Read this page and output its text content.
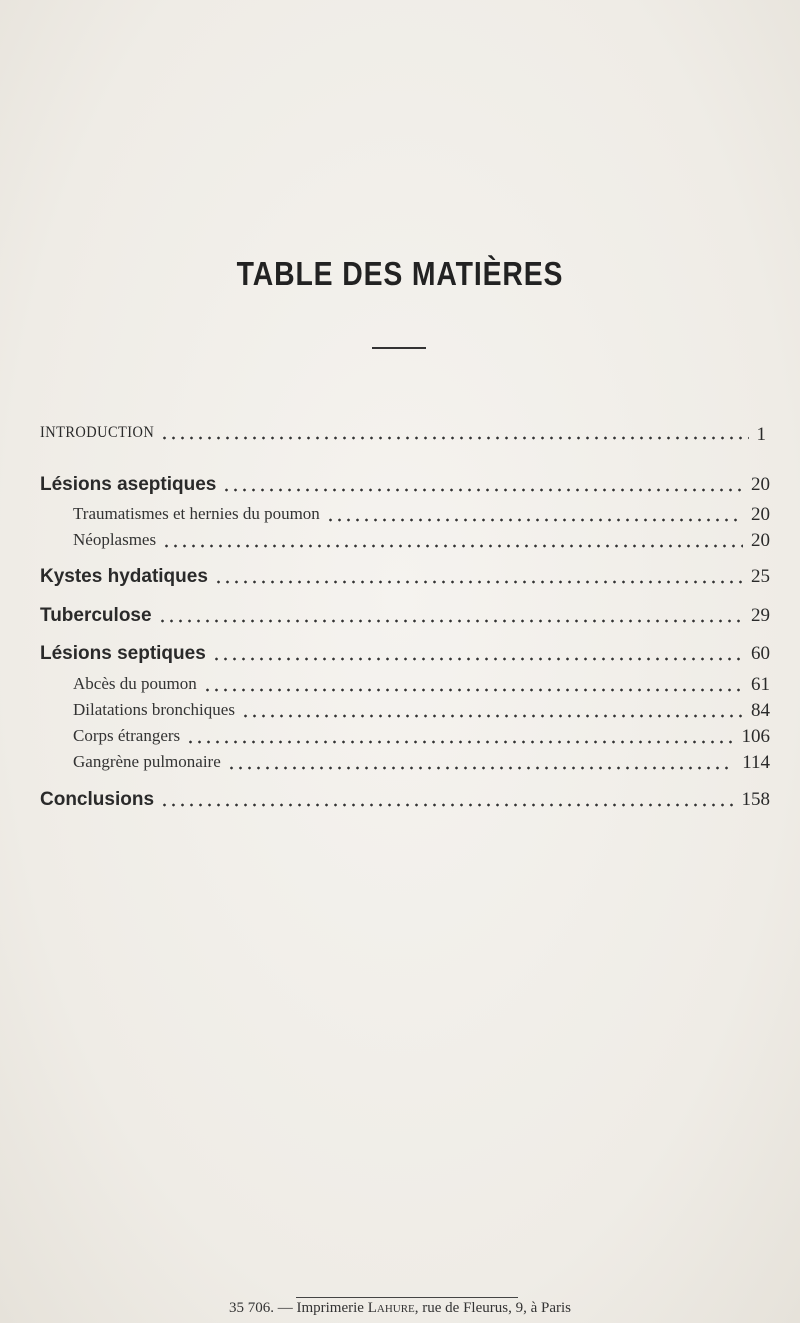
TABLE DES MATIÈRES
INTRODUCTION	1
Lésions aseptiques	20
Traumatismes et hernies du poumon	20
Néoplasmes	20
Kystes hydatiques	25
Tuberculose	29
Lésions septiques	60
Abcès du poumon	61
Dilatations bronchiques	84
Corps étrangers	106
Gangrène pulmonaire	114
Conclusions	158
35 706. — Imprimerie Lahure, rue de Fleurus, 9, à Paris
